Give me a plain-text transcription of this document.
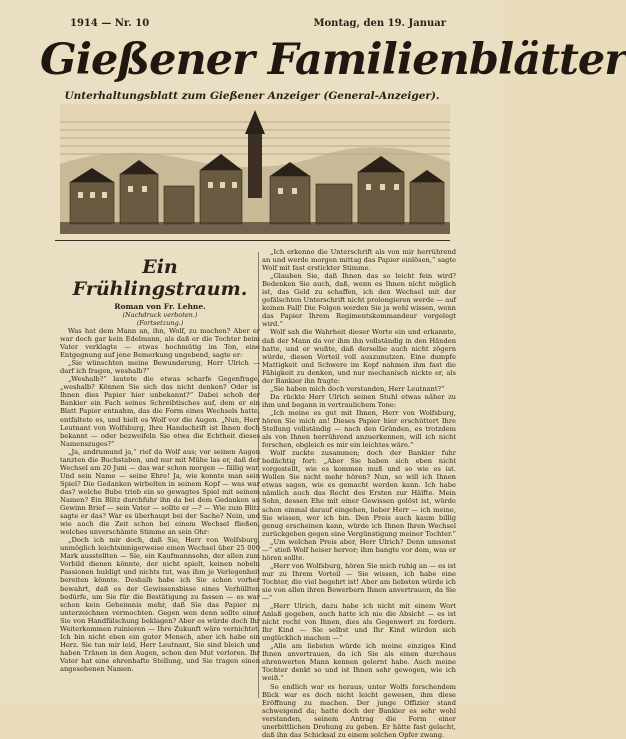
1914 — Nr. 10	Montag, den 19. Januar
Gießener Familienblätter
Unterhaltungsblatt zum Gießener Anzeiger (General-Anzeiger).
Ein Frühlingstraum.

Roman von Fr. Lehne.

(Nachdruck verboten.)

(Fortsetzung.)

Was hat dem Mann an, ihn, Wolf, zu machen? Aber er war doch gar kein Edelmann, als daß er die Tochter beim Vater verklagte — etwas hochmütig im Ton, eine Entgegnung auf jene Bemerkung ungebend, sagte er:

„Sie wünschten meine Bewunderung, Herr Ulrich — darf ich fragen, weshalb?“

„Weshalb?“ lautete die etwas scharfe Gegenfrage, „weshalb? Können Sie sich das nicht denken? Oder ist Ihnen dies Papier hier unbekannt?“ Dabei schob der Bankier ein Fach seines Schreibtisches auf, dem er ein Blatt Papier entnahm, das die Form eines Wechsels hatte, entfaltete es, und hielt es Wolf vor die Augen. „Nun, Herr Leutnant von Wolfsburg, Ihre Handschrift ist Ihnen doch bekannt — oder bezweifeln Sie etwa die Echtheit dieses Namenszuges?“

„Ja, andrumund ja,“ rief da Wolf aus; vor seinen Augen tanzten die Buchstaben, und nur mit Mühe las er, daß der Wechsel am 20 Juni — das war schon morgen — fällig war. Und sein Name — seine Ehre! Ja, wie konnte man sein Spiel? Die Gedanken wirbelten in seinem Kopf — was war das? welche Bube trieb ein so gewagtes Spiel mit seinem Namen? Ein Blitz durchfuhr ihn da bei dem Gedanken an Gewinn Brief — sein Vater — sollte er —? — Wie zum Blitz sagte er das? War es überhaupt bei der Sache? Nein, und wie auch die Zeit schon bei einem Wechsel fließen, welches unverschämte Stimme an sein Ohr:

„Doch ich mir doch, daß Sie, Herr von Wolfsburg, unmöglich leichtsinnigerweise einen Wechsel über 25 000 Mark ausstellten — Sie, ein Kaufmannsohn, der allen zum Vorbild dienen könnte, der nicht spielt, keinen nobeln Passionen huldigt und nichts tut, was ihm je Verlegenheit bereiten könnte. Deshalb habe ich Sie schon vorher bewahrt, daß es der Gewissensbisse eines Verhüllten bedürfe, um Sie für die Bestätigung zu fassen — es war schon kein Geheimnis mehr, daß Sie das Papier zu unterzeichnen vermochten. Gegen wen denn sollte einer Sie von Handfälschung beklagen? Aber es würde doch Ihr Weiterkommen ruinieren — Ihre Zukunft wäre vernichtet. Ich bin nicht eben ein guter Mensch, aber ich habe ein Herz. Sie tun mir leid, Herr Leutnant, Sie sind bleich und haben Tränen in den Augen, schon den Mut verloren. Ihr Vater hat eine ehrenhafte Stellung, und Sie tragen einen angesehenen Namen.

„Ich erkenne die Unterschrift als von mir herrührend an und werde morgen mittag das Papier einlösen,“ sagte Wolf mit fast erstickter Stimme.

„Glauben Sie, daß Ihnen das so leicht fein wird? Bedenken Sie auch, daß, wenn es Ihnen nicht möglich ist, das Geld zu schaffen, ich den Wechsel mit der gefälschten Unterschrift nicht prolongieren werde — auf keinen Fall! Die Folgen werden Sie ja wohl wissen, wenn das Papier Ihrem Regimentskommandeur vorgelegt wird.“

Wolf sah die Wahrheit dieser Worte ein und erkannte, daß der Mann da vor ihm ihn vollständig in den Händen hatte, und er wußte, daß derselbe auch nicht zögern würde, diesen Vorteil voll auszunutzen. Eine dumpfe Mattigkeit und Schwere im Kopf nahmen ihm fast die Fähigkeit zu denken, und nur mechanisch nickte er, als der Bankier ihn fragte:

„Sie haben mich doch verstanden, Herr Leutnant?“

Da rückte Herr Ulrich seinen Stuhl etwas näher zu ihm und begann in vertraulichem Tone:

„Ich meine es gut mit Ihnen, Herr von Wolfsburg, hören Sie mich an! Dieses Papier hier erschüttert Ihre Stellung vollständig — nach den Gründen, es trotzdem als von Ihnen herrührend anzuerkennen, will ich nicht forschen, obgleich es mir ein leichtes wäre.“

Wolf zuckte zusammen; doch der Bankier fuhr bedächtig fort: „Aber Sie haben sich eben nicht vorgestellt, wie es kommen muß und so wie es ist. Wollen Sie nicht mehr hören? Nun, so will ich Ihnen etwas sagen, wie es gemacht werden kann. Ich habe nämlich auch das Recht des Ersten zur Hälfte. Mein Sohn, dessen Ehe mit einer Gewissen gelöst ist, würde schon einmal darauf eingehen, lieber Herr — ich meine, Sie wissen, wer ich bin. Den Preis auch kaum billig genug erscheinen kann, würde ich Ihnen Ihren Wechsel zurückgeben gegen eine Vergünstigung meiner Tochter.“

„Um welchen Preis aber, Herr Ulrich? Denn umsonst —“ stieß Wolf heiser hervor; ihm bangte vor dem, was er hören sollte.

„Herr von Wolfsburg, hören Sie mich ruhig an — es ist nur zu Ihrem Vorteil — Sie wissen, ich habe eine Tochter, die viel begehrt ist! Aber am liebsten würde ich sie von allen ihren Bewerbern Ihnen anvertrauen, da Sie —“

„Herr Ulrich, dazu habe ich nicht mit einem Wort Anlaß gegeben, auch hatte ich nie die Absicht — es ist nicht recht von Ihnen, dies als Gegenwert zu fordern. Ihr Kind — Sie selbst und Ihr Kind würden sich unglücklich machen —“

„Alle am liebsten würde ich meine einziges Kind Ihnen anvertrauen, da ich Sie als einen durchaus ehrenwerten Mann kennen gelernt habe. Auch meine Tochter denkt so und ist Ihnen sehr gewogen, wie ich weiß.“

So endlich war es heraus; unter Wolfs forschendem Blick war es doch nicht leicht gewesen, ihm diese Eröffnung zu machen. Der junge Offizier stand schweigend da; hatte doch der Bankier es sehr wohl verstanden, seinem Antrag die Form einer unerbittlichen Drohung zu geben. Er hätte fast gelacht, daß ihn das Schicksal zu einem solchen Opfer zwang.
